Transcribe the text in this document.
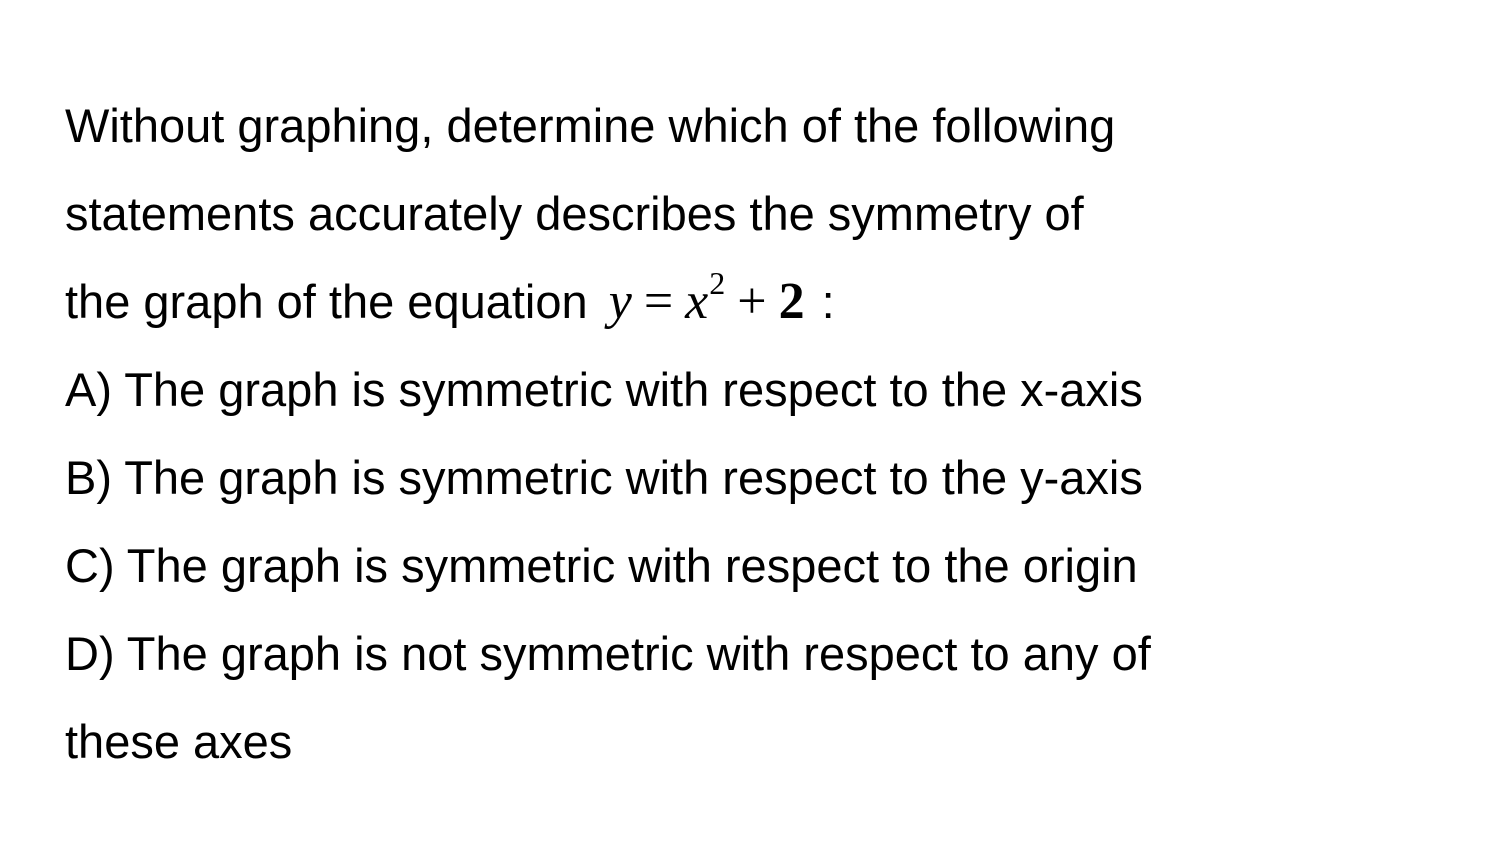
Without graphing, determine which of the following
statements accurately describes the symmetry of
the graph of the equation $y = x^2 + 2$ :
A) The graph is symmetric with respect to the x-axis
B) The graph is symmetric with respect to the y-axis
C) The graph is symmetric with respect to the origin
D) The graph is not symmetric with respect to any of
these axes
